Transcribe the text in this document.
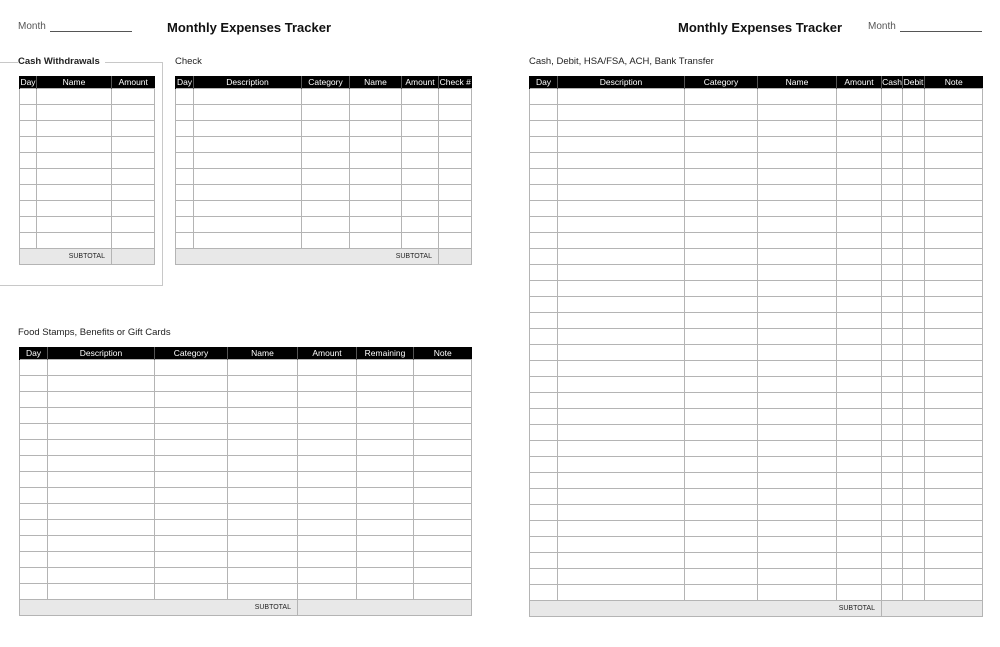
Month	Monthly Expenses Tracker	Monthly Expenses Tracker	Month
Cash Withdrawals
Day	Name	Amount

SUBTOTAL		
Check
Day	Description	Category	Name	Amount	Check #

SUBTOTAL					
Food Stamps, Benefits or Gift Cards
Day	Description	Category	Name	Amount	Remaining	Note

SUBTOTAL						
Cash, Debit, HSA/FSA, ACH, Bank Transfer
Day	Description	Category	Name	Amount	Cash	Debit	Note

SUBTOTAL							
